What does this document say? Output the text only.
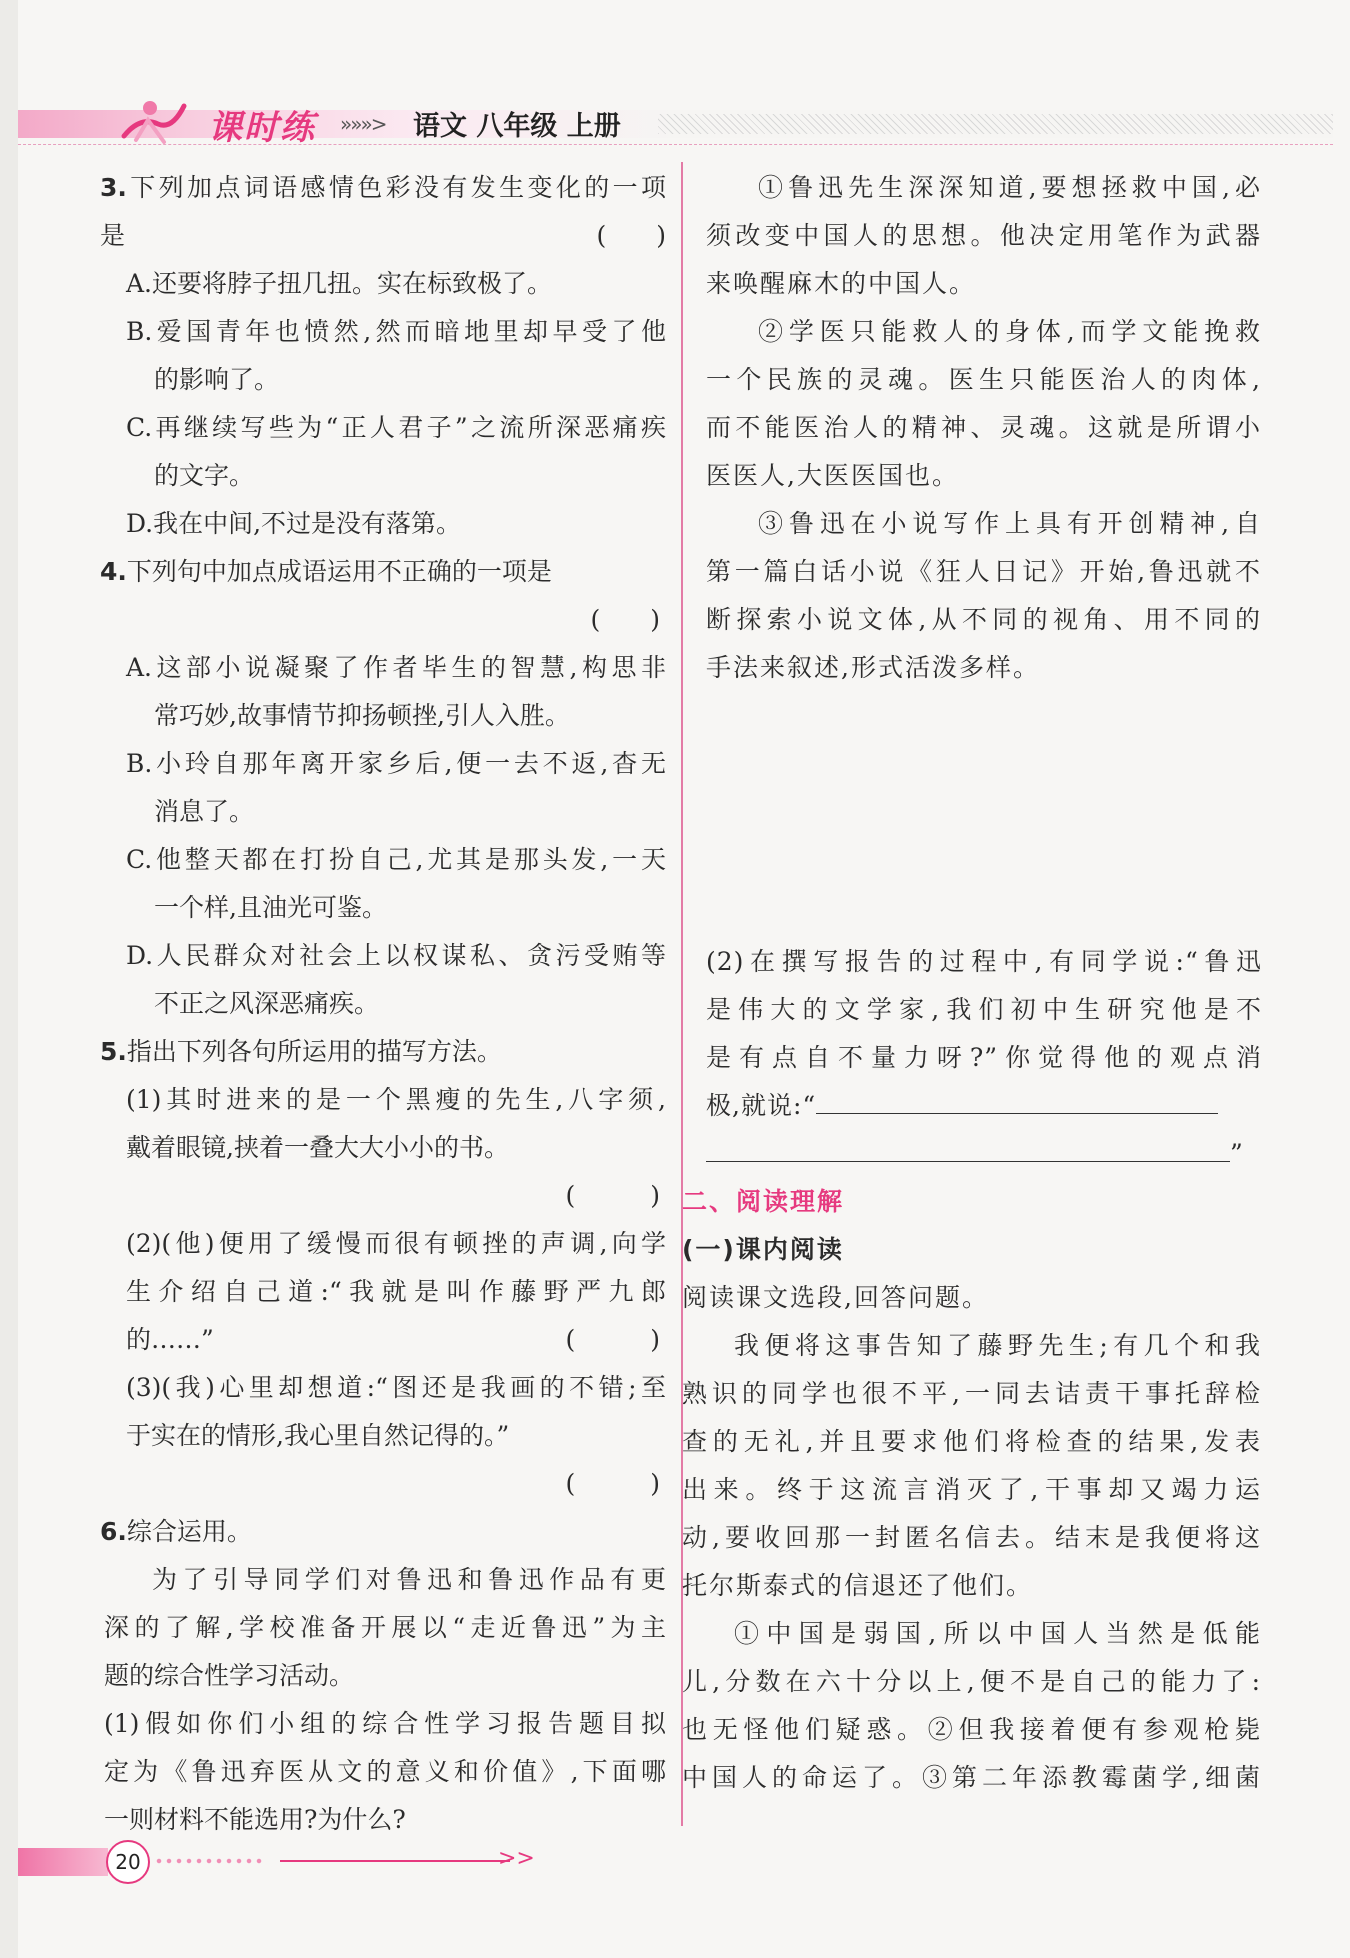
课时练 »»»> 语文 八年级 上册

3.下列加点词语感情色彩没有发生变化的一项

是	(　　)

A.还要将脖子扭几扭。实在标致极了。

B.爱国青年也愤然,然而暗地里却早受了他

的影响了。

C.再继续写些为“正人君子”之流所深恶痛疾

的文字。

D.我在中间,不过是没有落第。

4.下列句中加点成语运用不正确的一项是

(　　)

A.这部小说凝聚了作者毕生的智慧,构思非

常巧妙,故事情节抑扬顿挫,引人入胜。

B.小玲自那年离开家乡后,便一去不返,杳无

消息了。

C.他整天都在打扮自己,尤其是那头发,一天

一个样,且油光可鉴。

D.人民群众对社会上以权谋私、贪污受贿等

不正之风深恶痛疾。

5.指出下列各句所运用的描写方法。

(1)其时进来的是一个黑瘦的先生,八字须,

戴着眼镜,挟着一叠大大小小的书。

(　　　)

(2)(他)便用了缓慢而很有顿挫的声调,向学

生介绍自己道:“我就是叫作藤野严九郎

的……”	(　　　)

(3)(我)心里却想道:“图还是我画的不错;至

于实在的情形,我心里自然记得的。”

(　　　)

6.综合运用。

为了引导同学们对鲁迅和鲁迅作品有更

深的了解,学校准备开展以“走近鲁迅”为主

题的综合性学习活动。

(1)假如你们小组的综合性学习报告题目拟

定为《鲁迅弃医从文的意义和价值》,下面哪

一则材料不能选用?为什么?

①鲁迅先生深深知道,要想拯救中国,必

须改变中国人的思想。他决定用笔作为武器

来唤醒麻木的中国人。

②学医只能救人的身体,而学文能挽救

一个民族的灵魂。医生只能医治人的肉体,

而不能医治人的精神、灵魂。这就是所谓小

医医人,大医医国也。

③鲁迅在小说写作上具有开创精神,自

第一篇白话小说《狂人日记》开始,鲁迅就不

断探索小说文体,从不同的视角、用不同的

手法来叙述,形式活泼多样。

(2)在撰写报告的过程中,有同学说:“鲁迅

是伟大的文学家,我们初中生研究他是不

是有点自不量力呀?”你觉得他的观点消

极,就说:“

”

二、阅读理解

(一)课内阅读

阅读课文选段,回答问题。

我便将这事告知了藤野先生;有几个和我

熟识的同学也很不平,一同去诘责干事托辞检

查的无礼,并且要求他们将检查的结果,发表

出来。终于这流言消灭了,干事却又竭力运

动,要收回那一封匿名信去。结末是我便将这

托尔斯泰式的信退还了他们。

①中国是弱国,所以中国人当然是低能

儿,分数在六十分以上,便不是自己的能力了:

也无怪他们疑惑。②但我接着便有参观枪毙

中国人的命运了。③第二年添教霉菌学,细菌

20	>>
